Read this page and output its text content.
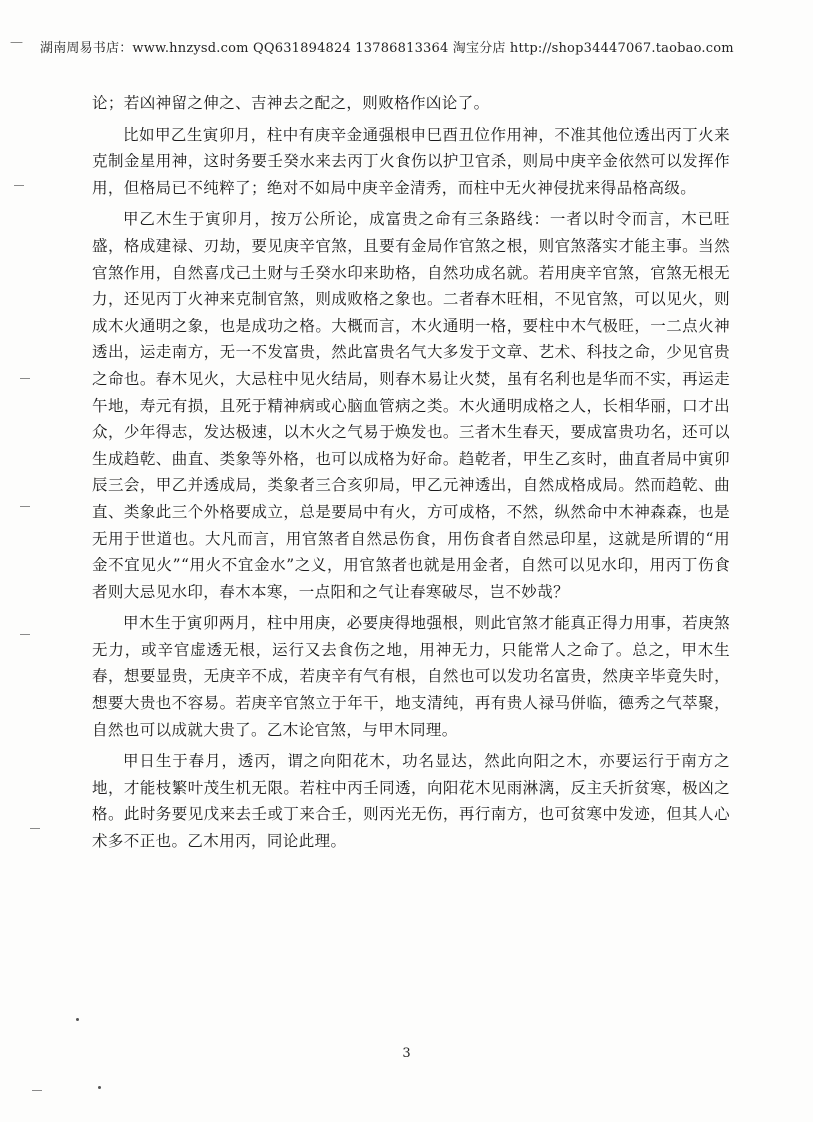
— 湖南周易书店：www.hnzysd.com QQ631894824 13786813364 淘宝分店 http://shop34447067.taobao.com

论；若凶神留之伸之、吉神去之配之，则败格作凶论了。

比如甲乙生寅卯月，柱中有庚辛金通强根申巳酉丑位作用神，不准其他位透出丙丁火来克制金星用神，这时务要壬癸水来去丙丁火食伤以护卫官杀，则局中庚辛金依然可以发挥作用，但格局已不纯粹了；绝对不如局中庚辛金清秀，而柱中无火神侵扰来得品格高级。

甲乙木生于寅卯月，按万公所论，成富贵之命有三条路线：一者以时令而言，木已旺盛，格成建禄、刃劫，要见庚辛官煞，且要有金局作官煞之根，则官煞落实才能主事。当然官煞作用，自然喜戊己土财与壬癸水印来助格，自然功成名就。若用庚辛官煞，官煞无根无力，还见丙丁火神来克制官煞，则成败格之象也。二者春木旺相，不见官煞，可以见火，则成木火通明之象，也是成功之格。大概而言，木火通明一格，要柱中木气极旺，一二点火神透出，运走南方，无一不发富贵，然此富贵名气大多发于文章、艺术、科技之命，少见官贵之命也。春木见火，大忌柱中见火结局，则春木易让火焚，虽有名利也是华而不实，再运走午地，寿元有损，且死于精神病或心脑血管病之类。木火通明成格之人，长相华丽，口才出众，少年得志，发达极速，以木火之气易于焕发也。三者木生春天，要成富贵功名，还可以生成趋乾、曲直、类象等外格，也可以成格为好命。趋乾者，甲生乙亥时，曲直者局中寅卯辰三会，甲乙并透成局，类象者三合亥卯局，甲乙元神透出，自然成格成局。然而趋乾、曲直、类象此三个外格要成立，总是要局中有火，方可成格，不然，纵然命中木神森森，也是无用于世道也。大凡而言，用官煞者自然忌伤食，用伤食者自然忌印星，这就是所谓的“用金不宜见火”“用火不宜金水”之义，用官煞者也就是用金者，自然可以见水印，用丙丁伤食者则大忌见水印，春木本寒，一点阳和之气让春寒破尽，岂不妙哉？

甲木生于寅卯两月，柱中用庚，必要庚得地强根，则此官煞才能真正得力用事，若庚煞无力，或辛官虚透无根，运行又去食伤之地，用神无力，只能常人之命了。总之，甲木生春，想要显贵，无庚辛不成，若庚辛有气有根，自然也可以发功名富贵，然庚辛毕竟失时，想要大贵也不容易。若庚辛官煞立于年干，地支清纯，再有贵人禄马併临，德秀之气萃聚，自然也可以成就大贵了。乙木论官煞，与甲木同理。

甲日生于春月，透丙，谓之向阳花木，功名显达，然此向阳之木，亦要运行于南方之地，才能枝繁叶茂生机无限。若柱中丙壬同透，向阳花木见雨淋漓，反主夭折贫寒，极凶之格。此时务要见戊来去壬或丁来合壬，则丙光无伤，再行南方，也可贫寒中发迹，但其人心术多不正也。乙木用丙，同论此理。

3
